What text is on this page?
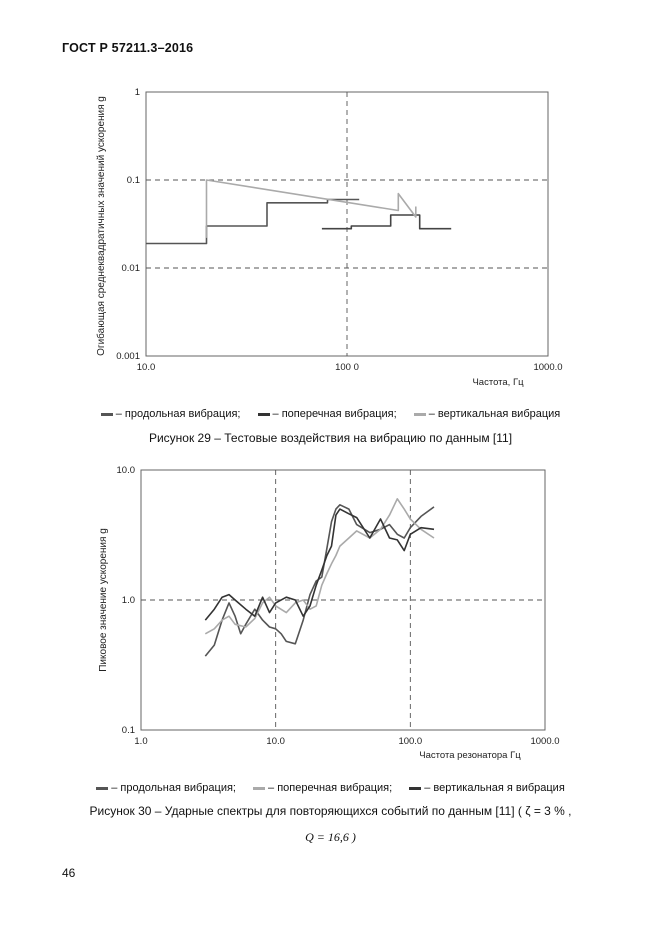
ГОСТ Р 57211.3–2016
10.0	100 0	1000.0
0.001
0.01
0.1
1
Частота, Гц
Огибающая среднеквадратичных значений ускорения g
– продольная вибрация;	– поперечная вибрация;	– вертикальная вибрация
Рисунок 29 – Тестовые воздействия на вибрацию по данным [11]
1.0	10.0	100.0	1000.0
0.1
1.0
10.0
Частота резонатора Гц
Пиковое значение ускорения g
– продольная вибрация;	– поперечная вибрация;	– вертикальная я вибрация
Рисунок 30 – Ударные спектры для повторяющихся событий по данным [11] ( ζ = 3 % ,
Q = 16,6 )
46
